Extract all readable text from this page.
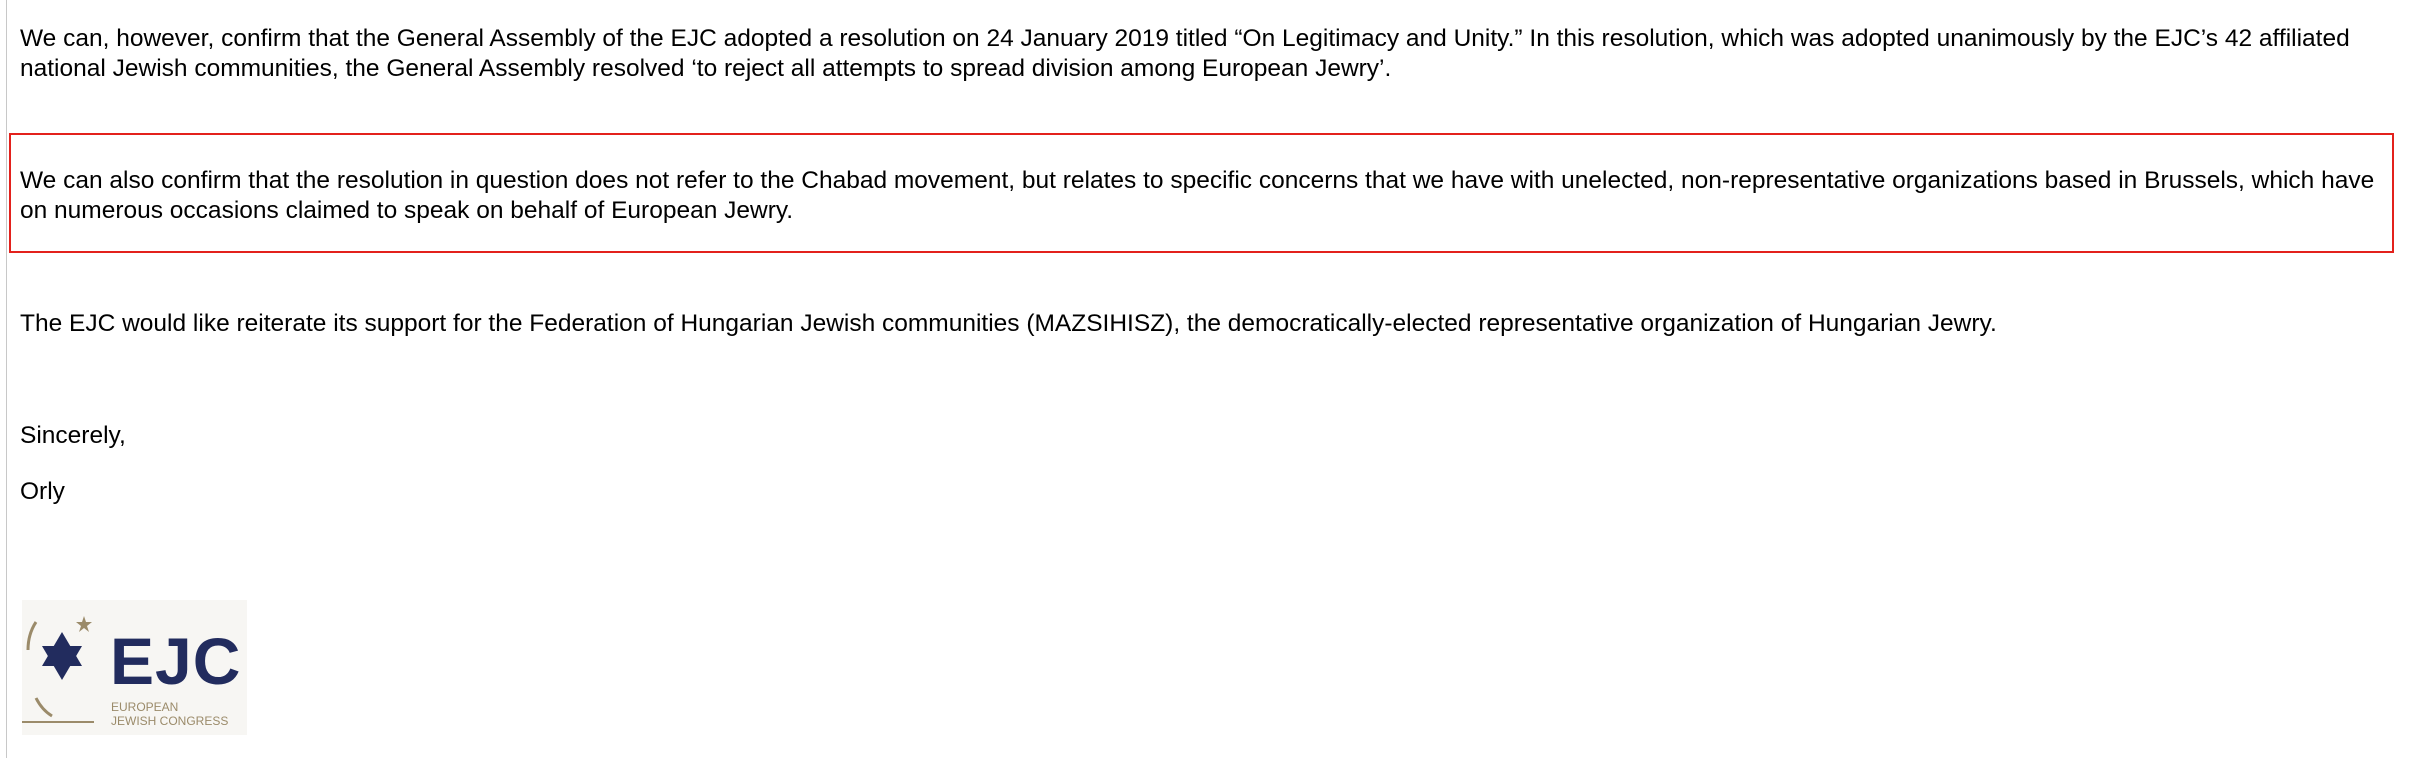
We can, however, confirm that the General Assembly of the EJC adopted a resolution on 24 January 2019 titled “On Legitimacy and Unity.” In this resolution, which was adopted unanimously by the EJC’s 42 affiliated national Jewish communities, the General Assembly resolved ‘to reject all attempts to spread division among European Jewry’.

We can also confirm that the resolution in question does not refer to the Chabad movement, but relates to specific concerns that we have with unelected, non-representative organizations based in Brussels, which have on numerous occasions claimed to speak on behalf of European Jewry.

The EJC would like reiterate its support for the Federation of Hungarian Jewish communities (MAZSIHISZ), the democratically-elected representative organization of Hungarian Jewry.

Sincerely,

Orly

EJC
EUROPEAN
JEWISH CONGRESS
